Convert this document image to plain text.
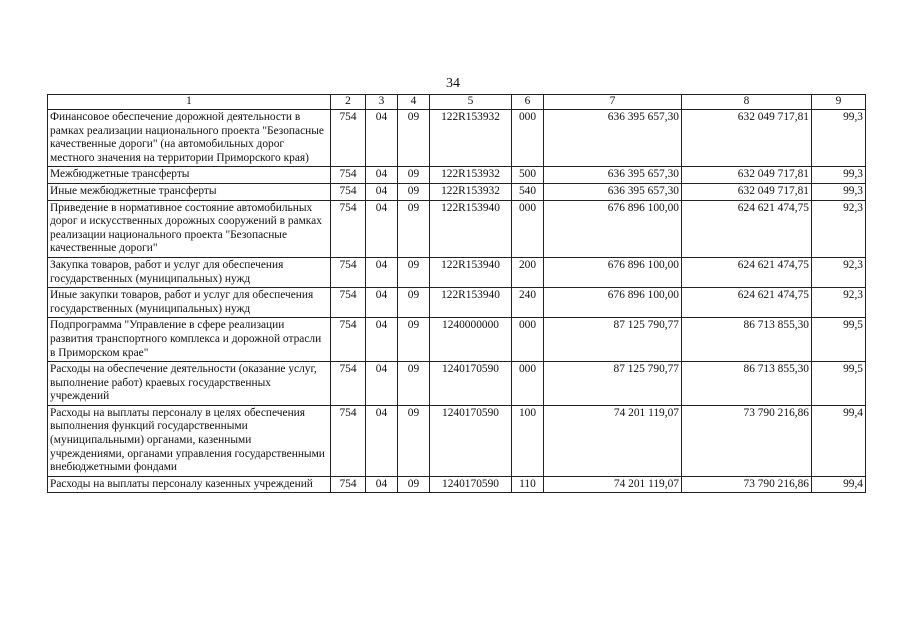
34
1	2	3	4	5	6	7	8	9
Финансовое обеспечение дорожной деятельности в рамках реализации национального проекта "Безопасные качественные дороги" (на автомобильных дорог местного значения на территории Приморского края)	754	04	09	122R153932	000	636 395 657,30	632 049 717,81	99,3
Межбюджетные трансферты	754	04	09	122R153932	500	636 395 657,30	632 049 717,81	99,3
Иные межбюджетные трансферты	754	04	09	122R153932	540	636 395 657,30	632 049 717,81	99,3
Приведение в нормативное состояние автомобильных дорог и искусственных дорожных сооружений в рамках реализации национального проекта "Безопасные качественные дороги"	754	04	09	122R153940	000	676 896 100,00	624 621 474,75	92,3
Закупка товаров, работ и услуг для обеспечения государственных (муниципальных) нужд	754	04	09	122R153940	200	676 896 100,00	624 621 474,75	92,3
Иные закупки товаров, работ и услуг для обеспечения государственных (муниципальных) нужд	754	04	09	122R153940	240	676 896 100,00	624 621 474,75	92,3
Подпрограмма "Управление в сфере реализации развития транспортного комплекса и дорожной отрасли в Приморском крае"	754	04	09	1240000000	000	87 125 790,77	86 713 855,30	99,5
Расходы на обеспечение деятельности (оказание услуг, выполнение работ) краевых государственных учреждений	754	04	09	1240170590	000	87 125 790,77	86 713 855,30	99,5
Расходы на выплаты персоналу в целях обеспечения выполнения функций государственными (муниципальными) органами, казенными учреждениями, органами управления государственными внебюджетными фондами	754	04	09	1240170590	100	74 201 119,07	73 790 216,86	99,4
Расходы на выплаты персоналу казенных учреждений	754	04	09	1240170590	110	74 201 119,07	73 790 216,86	99,4
